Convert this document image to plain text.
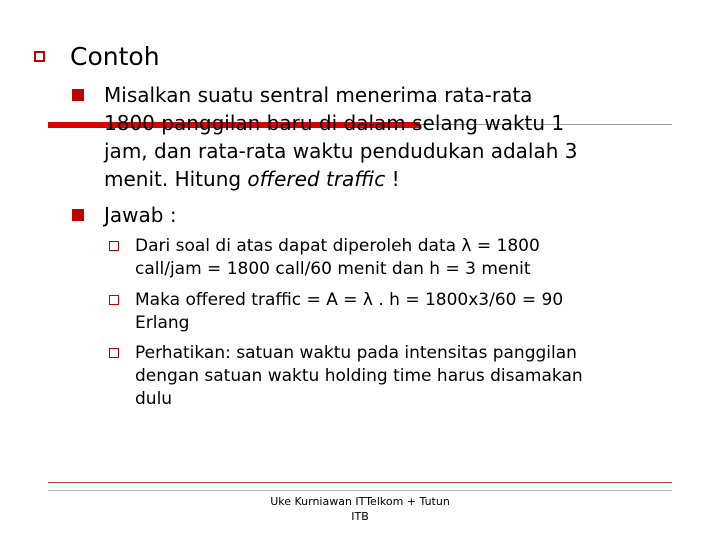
Contoh
Misalkan suatu sentral menerima rata-rata
1800 panggilan baru di dalam selang waktu 1
jam, dan rata-rata waktu pendudukan adalah 3
menit. Hitung offered traffic !
Jawab :
Dari soal di atas dapat diperoleh data λ = 1800
call/jam = 1800 call/60 menit dan h = 3 menit
Maka offered traffic = A = λ . h = 1800x3/60 = 90
Erlang
Perhatikan: satuan waktu pada intensitas panggilan
dengan satuan waktu holding time harus disamakan
dulu
Uke Kurniawan ITTelkom + Tutun
ITB
